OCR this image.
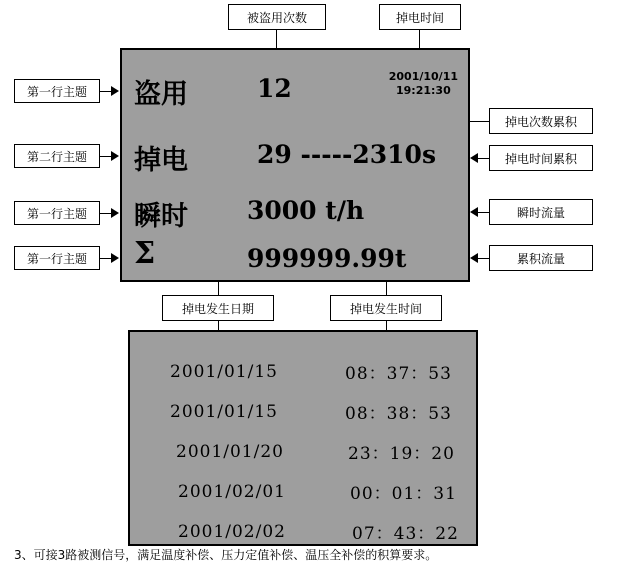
被盗用次数	掉电时间
第一行主题
第二行主题
第一行主题
第一行主题
掉电次数累积
掉电时间累积
瞬时流量
累积流量
盗用	12	2001/10/11
19:21:30
掉电	29 -----2310s
瞬时 3000 t/h
Σ	999999.99t
掉电发生日期	掉电发生时间
2001/01/15	08：37：53
2001/01/15	08：38：53
2001/01/20	23：19：20
2001/02/01	00：01：31
2001/02/02	07：43：22
3、可接3路被测信号，满足温度补偿、压力定值补偿、温压全补偿的积算要求。
